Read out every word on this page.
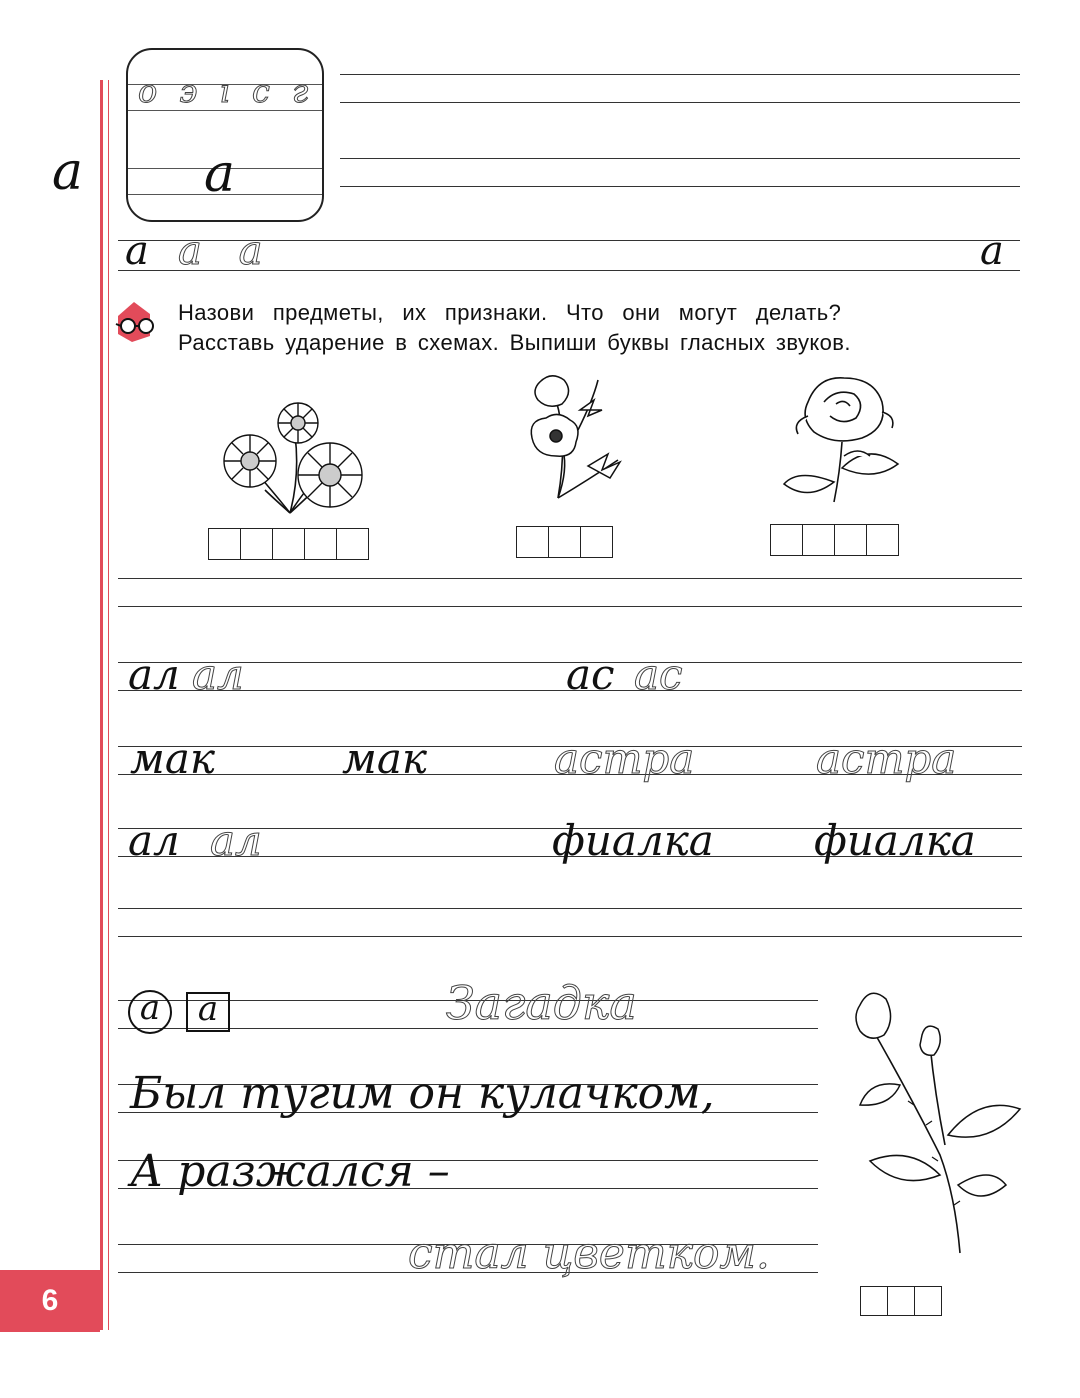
а
о э ı с г
а
а а а	а
Назови предметы, их признаки. Что они могут делать?
Расставь ударение в схемах. Выпиши буквы гласных звуков.
ал ал	ас ас
мак	мак	астра	астра
ал ал	фиалка фиалка
а	а	Загадка
Был тугим он кулачком,
А разжался –
стал цветком.
6
